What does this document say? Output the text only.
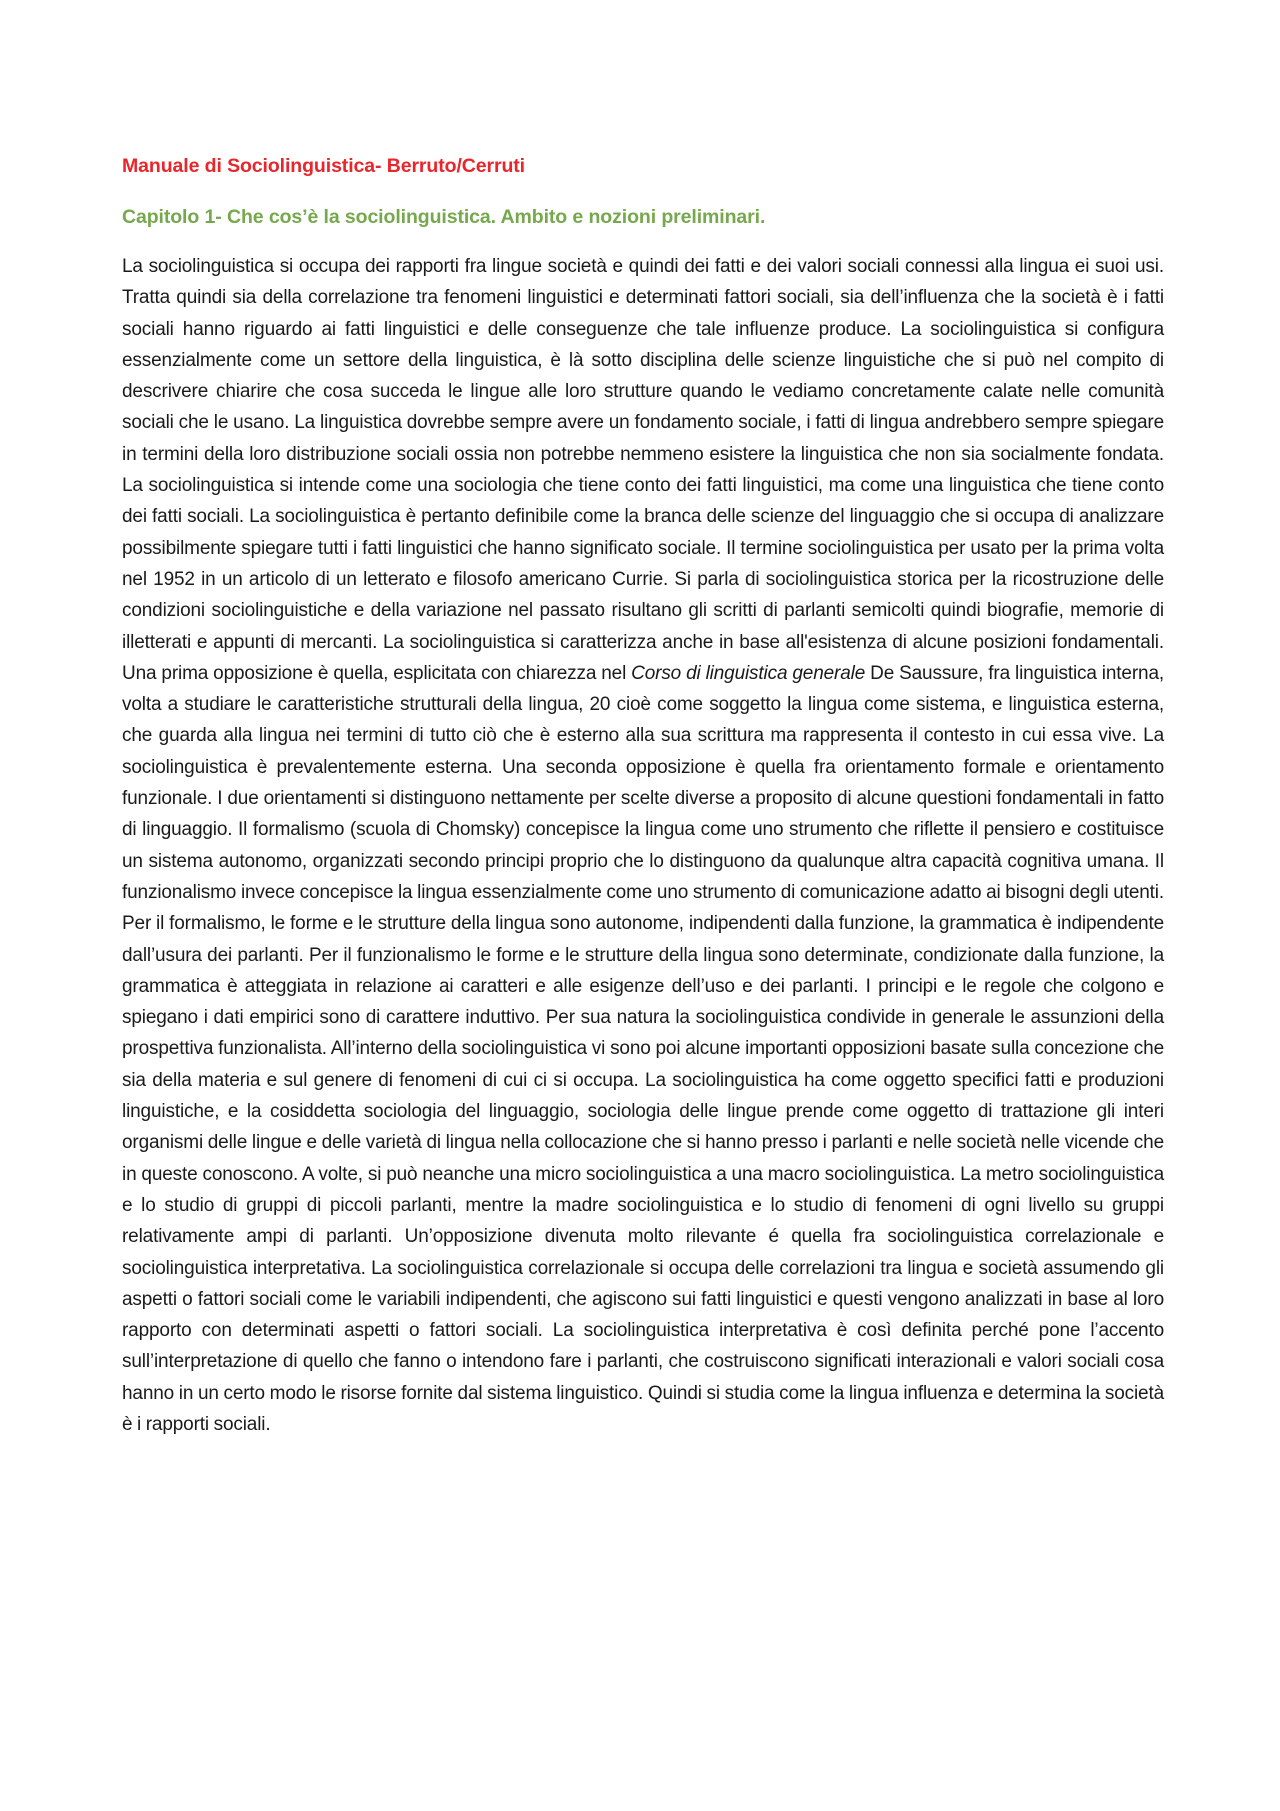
Manuale di Sociolinguistica- Berruto/Cerruti
Capitolo 1- Che cos’è la sociolinguistica. Ambito e nozioni preliminari.

La sociolinguistica si occupa dei rapporti fra lingue società e quindi dei fatti e dei valori sociali connessi alla lingua ei suoi usi. Tratta quindi sia della correlazione tra fenomeni linguistici e determinati fattori sociali, sia dell’influenza che la società è i fatti sociali hanno riguardo ai fatti linguistici e delle conseguenze che tale influenze produce. La sociolinguistica si configura essenzialmente come un settore della linguistica, è là sotto disciplina delle scienze linguistiche che si può nel compito di descrivere chiarire che cosa succeda le lingue alle loro strutture quando le vediamo concretamente calate nelle comunità sociali che le usano. La linguistica dovrebbe sempre avere un fondamento sociale, i fatti di lingua andrebbero sempre spiegare in termini della loro distribuzione sociali ossia non potrebbe nemmeno esistere la linguistica che non sia socialmente fondata. La sociolinguistica si intende come una sociologia che tiene conto dei fatti linguistici, ma come una linguistica che tiene conto dei fatti sociali. La sociolinguistica è pertanto definibile come la branca delle scienze del linguaggio che si occupa di analizzare possibilmente spiegare tutti i fatti linguistici che hanno significato sociale. Il termine sociolinguistica per usato per la prima volta nel 1952 in un articolo di un letterato e filosofo americano Currie. Si parla di sociolinguistica storica per la ricostruzione delle condizioni sociolinguistiche e della variazione nel passato risultano gli scritti di parlanti semicolti quindi biografie, memorie di illetterati e appunti di mercanti. La sociolinguistica si caratterizza anche in base all'esistenza di alcune posizioni fondamentali. Una prima opposizione è quella, esplicitata con chiarezza nel Corso di linguistica generale De Saussure, fra linguistica interna, volta a studiare le caratteristiche strutturali della lingua, 20 cioè come soggetto la lingua come sistema, e linguistica esterna, che guarda alla lingua nei termini di tutto ciò che è esterno alla sua scrittura ma rappresenta il contesto in cui essa vive. La sociolinguistica è prevalentemente esterna. Una seconda opposizione è quella fra orientamento formale e orientamento funzionale. I due orientamenti si distinguono nettamente per scelte diverse a proposito di alcune questioni fondamentali in fatto di linguaggio. Il formalismo (scuola di Chomsky) concepisce la lingua come uno strumento che riflette il pensiero e costituisce un sistema autonomo, organizzati secondo principi proprio che lo distinguono da qualunque altra capacità cognitiva umana. Il funzionalismo invece concepisce la lingua essenzialmente come uno strumento di comunicazione adatto ai bisogni degli utenti. Per il formalismo, le forme e le strutture della lingua sono autonome, indipendenti dalla funzione, la grammatica è indipendente dall’usura dei parlanti. Per il funzionalismo le forme e le strutture della lingua sono determinate, condizionate dalla funzione, la grammatica è atteggiata in relazione ai caratteri e alle esigenze dell’uso e dei parlanti. I principi e le regole che colgono e spiegano i dati empirici sono di carattere induttivo. Per sua natura la sociolinguistica condivide in generale le assunzioni della prospettiva funzionalista. All’interno della sociolinguistica vi sono poi alcune importanti opposizioni basate sulla concezione che sia della materia e sul genere di fenomeni di cui ci si occupa. La sociolinguistica ha come oggetto specifici fatti e produzioni linguistiche, e la cosiddetta sociologia del linguaggio, sociologia delle lingue prende come oggetto di trattazione gli interi organismi delle lingue e delle varietà di lingua nella collocazione che si hanno presso i parlanti e nelle società nelle vicende che in queste conoscono. A volte, si può neanche una micro sociolinguistica a una macro sociolinguistica. La metro sociolinguistica e lo studio di gruppi di piccoli parlanti, mentre la madre sociolinguistica e lo studio di fenomeni di ogni livello su gruppi relativamente ampi di parlanti. Un’opposizione divenuta molto rilevante é quella fra sociolinguistica correlazionale e sociolinguistica interpretativa. La sociolinguistica correlazionale si occupa delle correlazioni tra lingua e società assumendo gli aspetti o fattori sociali come le variabili indipendenti, che agiscono sui fatti linguistici e questi vengono analizzati in base al loro rapporto con determinati aspetti o fattori sociali. La sociolinguistica interpretativa è così definita perché pone l’accento sull’interpretazione di quello che fanno o intendono fare i parlanti, che costruiscono significati interazionali e valori sociali cosa hanno in un certo modo le risorse fornite dal sistema linguistico. Quindi si studia come la lingua influenza e determina la società è i rapporti sociali.
